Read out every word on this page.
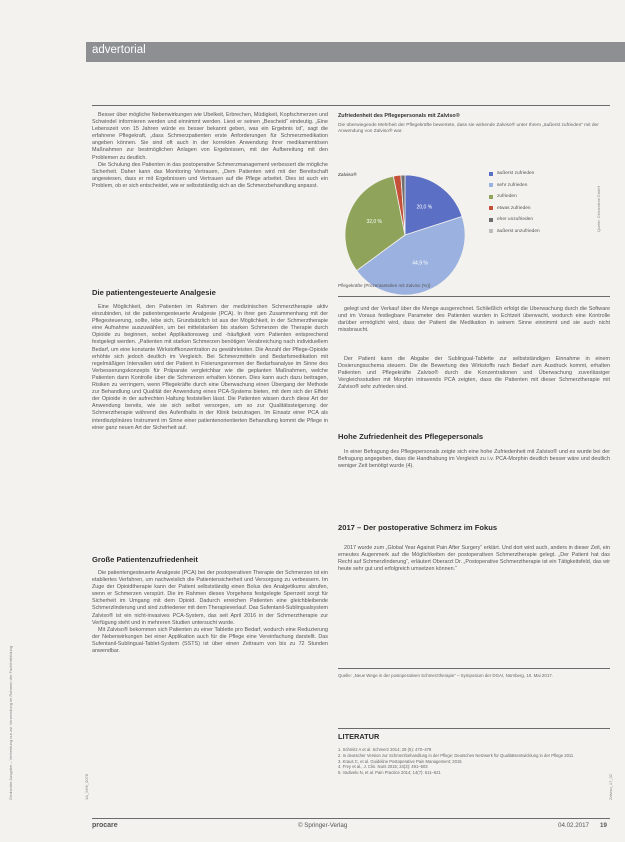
advertorial

Besser über mögliche Nebenwirkungen wie Übelkeit, Erbrechen, Müdigkeit, Kopfschmerzen und Schwindel informieren werden und einnimmt werden. Liest er seinen „Bescheid“ eindeutig. „Eine Lebenszeit von 15 Jahren würde es besser bekannt geben, was ein Ergebnis ist“, sagt die erfahrene Pflegekraft, „dass Schmerzpatienten erste Anforderungen für Schmerzmedikation angeben können. Sie sind oft auch in der korrekten Anwendung ihrer medikamentösen Maßnahmen zur bestmöglichen Anlagen von Ergebnissen, mit der Aufbereitung mit den Problemen zu deutlich.

Die Schulung des Patienten in das postoperative Schmerzmanagement verbessert die mögliche Sicherheit. Daher kann das Monitoring Vertrauen, „Dem Patienten wird mit der Bereitschaft angewiesen, dass er mit Ergebnissen und Vertrauen auf die Pflege arbeitet. Dies ist auch ein Problem, ob er sich entscheidet, wie er selbstständig sich an die Schmerzbehandlung anpasst.

Zufriedenheit des Pflegepersonals mit Zalviso®
Die überwiegende Mehrheit der Pflegekräfte bewertete, dass sie wirkende Zalviso® unter Ihrem „äußerst zufrieden“ mit der Anwendung von Zalviso® war.
Zalviso®
20,0 %
44,9 %
32,0 %
äußerst zufrieden
sehr zufrieden
zufrieden
etwas zufrieden
eher unzufrieden
äußerst unzufrieden
Pflegekräfte (Prozentanteilen mit Zalviso (%))
Quelle: Grünenthal GmbH
Die patientengesteuerte Analgesie

Eine Möglichkeit, den Patienten im Rahmen der medizinischen Schmerztherapie aktiv einzubinden, ist die patientengesteuerte Analgesie (PCA). In ihrer gen Zusammenhang mit der Pflegesteuerung, sollte, lebe sich, Grundsätzlich ist aus der Möglichkeit, in der Schmerztherapie eine Aufnahme auszuwählen, um bei mittelstarken bis starken Schmerzen die Therapie durch Opioide zu beginnen, wobei Applikationsweg und -häufigkeit vom Patienten entsprechend festgelegt werden. „Patienten mit starken Schmerzen benötigen Verabreichung nach individuellem Bedarf, um eine konstante Wirkstoffkonzentration zu gewährleisten. Die Anzahl der Pflege-Opioide erhöhte sich jedoch deutlich im Vergleich. Bei Schmerzmitteln und Bedarfsmedikation mit regelmäßigen Intervallen wird der Patient in Fixierungsnormen der Bedarfsanalyse im Sinne des Verbesserungskonzepts für Präparate vergleichbar wie die geplanten Maßnahmen, welche Patienten dann Kontrolle über die Schmerzen erhalten können. Dies kann auch dazu beitragen, Risiken zu verringern, wenn Pflegekräfte durch eine Überwachung einen Übergang der Methode zur Behandlung und Qualität der Anwendung eines PCA-Systems bieten, mit dem sich der Effekt der Opioide in der aufrechten Haltung feststellen lässt. Die Patienten wissen durch diese Art der Anwendung bereits, wie sie sich selbst versorgen, um so zur Qualitätssteigerung der Schmerztherapie während des Aufenthalts in der Klinik beizutragen. Im Einsatz einer PCA als interdisziplinäres Instrument im Sinne einer patientenorientierten Behandlung kommt die Pflege in einer ganz neuen Art der Sicherheit auf.

Große Patientenzufriedenheit

Die patientengesteuerte Analgesie (PCA) bei der postoperativen Therapie der Schmerzen ist ein etabliertes Verfahren, um nachweislich die Patientensicherheit und Versorgung zu verbessern. Im Zuge der Opioidtherapie kann der Patient selbstständig einen Bolus des Analgetikums abrufen, wenn er Schmerzen verspürt. Die im Rahmen dieses Vorgehens festgelegte Sperrzeit sorgt für Sicherheit im Umgang mit dem Opioid. Dadurch erreichen Patienten eine gleichbleibende Schmerzlinderung und sind zufriedener mit dem Therapieverlauf. Das Sufentanil-Sublingualsystem Zalviso® ist ein nicht-invasives PCA-System, das seit April 2016 in der Schmerztherapie zur Verfügung steht und in mehreren Studien untersucht wurde.

Mit Zalviso® bekommen sich Patienten zu einer Tablette pro Bedarf, wodurch eine Reduzierung der Nebenwirkungen bei einer Applikation auch für die Pflege eine Vereinfachung darstellt. Das Sufentanil-Sublingual-Tablet-System (SSTS) ist über einen Zeitraum von bis zu 72 Stunden anwendbar.

gelegt und der Verkauf über die Menge ausgerechnet. Schließlich erfolgt die Überwachung durch die Software und im Voraus festlegbare Parameter des Patienten wurden in Echtzeit überwacht, wodurch eine Kontrolle darüber ermöglicht wird, dass der Patient die Medikation in seinem Sinne einnimmt und sie auch nicht missbraucht.

Der Patient kann die Abgabe der Sublingual-Tablette zur selbstständigen Einnahme in einem Dosierungsschema steuern. Die die Bewertung des Wirkstoffs nach Bedarf zum Ausdruck kommt, erhalten Patienten und Pflegekräfte Zalviso® durch die Konzentrationen und Überwachung zuverlässiger Vergleichsstudien mit Morphin intravenös PCA zeigten, dass die Patienten mit dieser Schmerztherapie mit Zalviso® sehr zufrieden sind.

Hohe Zufriedenheit des Pflegepersonals

In einer Befragung des Pflegepersonals zeigte sich eine hohe Zufriedenheit mit Zalviso® und es wurde bei der Befragung angegeben, dass die Handhabung im Vergleich zu i.v. PCA-Morphin deutlich besser wäre und deutlich weniger Zeit benötigt wurde (4).

2017 – Der postoperative Schmerz im Fokus

2017 wurde zum „Global Year Against Pain After Surgery“ erklärt. Und dort wird auch, anders in dieser Zeit, ein erneutes Augenmerk auf die Möglichkeiten der postoperativen Schmerztherapie gelegt. „Der Patient hat das Recht auf Schmerzlinderung“, erläutert Oberarzt Dr. „Postoperative Schmerztherapie ist ein Tätigkeitsfeld, das wir heute sehr gut und erfolgreich umsetzen können.“

Quelle: „Neue Wege in der postoperativen Schmerztherapie“ – Symposium der DGAI, Nürnberg, 10. Mai 2017.
LITERATUR
1. Schmitz A et al. Schmerz 2014; 28 (5): 470–478
2. In deutscher Version zur Schmerzbehandlung in der Pflege; Deutsches Netzwerk für Qualitätsentwicklung in der Pflege 2011
3. Kraus C, et al. Guideline Postoperative Pain Management; 2015
4. Frey et al., J. Clin. Nurs 2015; 24(3): 491–503
5. Vadivelu N, et al. Pain Practice 2014; 14(7): 611–621
Gedruckte Ausgabe – Verbreitung nur zur Verwendung im Rahmen der Fachfortbildung	1A_XH9_0078	Zalviso_17_02
procare	© Springer-Verlag	04.02.2017 19
